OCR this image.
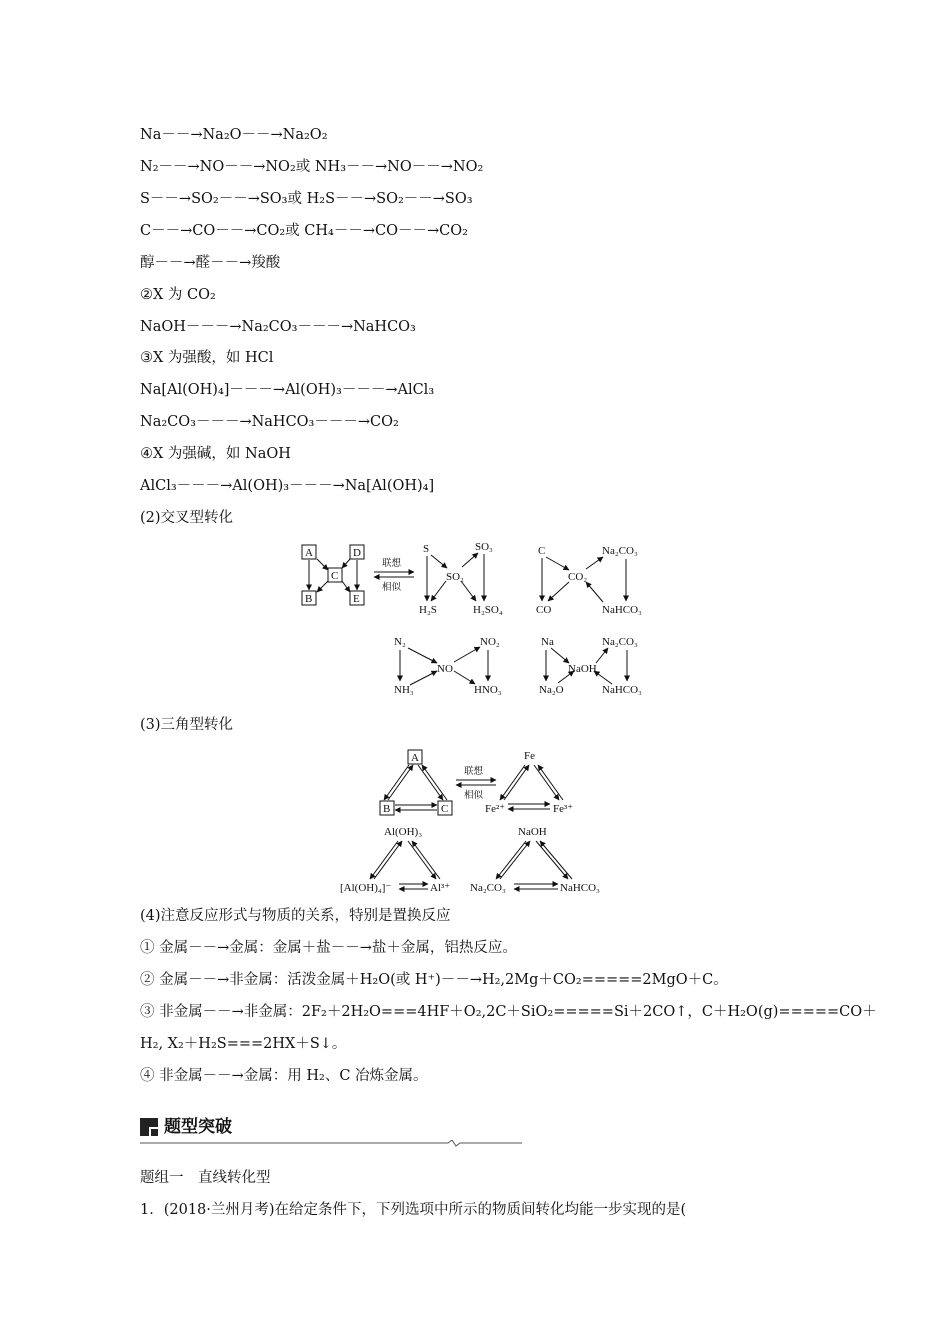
Na－－→Na₂O－－→Na₂O₂
N₂－－→NO－－→NO₂或 NH₃－－→NO－－→NO₂
S－－→SO₂－－→SO₃或 H₂S－－→SO₂－－→SO₃
C－－→CO－－→CO₂或 CH₄－－→CO－－→CO₂
醇－－→醛－－→羧酸
②X 为 CO₂
NaOH－－－→Na₂CO₃－－－→NaHCO₃
③X 为强酸，如 HCl
Na[Al(OH)₄]－－－→Al(OH)₃－－－→AlCl₃
Na₂CO₃－－－→NaHCO₃－－－→CO₂
④X 为强碱，如 NaOH
AlCl₃－－－→Al(OH)₃－－－→Na[Al(OH)₄]
(2)交叉型转化
A	D
C
B	E
联想
相似
S	SO₃
SO₂
H₂S	H₂SO₄
C	Na₂CO₃
CO₂
CO	NaHCO₃
N₂	NO₂
NO
NH₃	HNO₃
Na	Na₂CO₃
NaOH
Na₂O	NaHCO₃
(3)三角型转化
A
B	C
联想
相似
Fe
Fe²⁺	Fe³⁺
Al(OH)₃
[Al(OH)₄]⁻	Al³⁺
NaOH
Na₂CO₃	NaHCO₃
(4)注意反应形式与物质的关系，特别是置换反应
① 金属－－→金属：金属＋盐－－→盐＋金属，铝热反应。
② 金属－－→非金属：活泼金属＋H₂O(或 H⁺)－－→H₂,2Mg＋CO₂=====2MgO＋C。
③ 非金属－－→非金属：2F₂＋2H₂O===4HF＋O₂,2C＋SiO₂=====Si＋2CO↑，C＋H₂O(g)=====CO＋
H₂, X₂＋H₂S===2HX＋S↓。
④ 非金属－－→金属：用 H₂、C 冶炼金属。
题型突破
题组一　直线转化型
1．(2018·兰州月考)在给定条件下，下列选项中所示的物质间转化均能一步实现的是(
